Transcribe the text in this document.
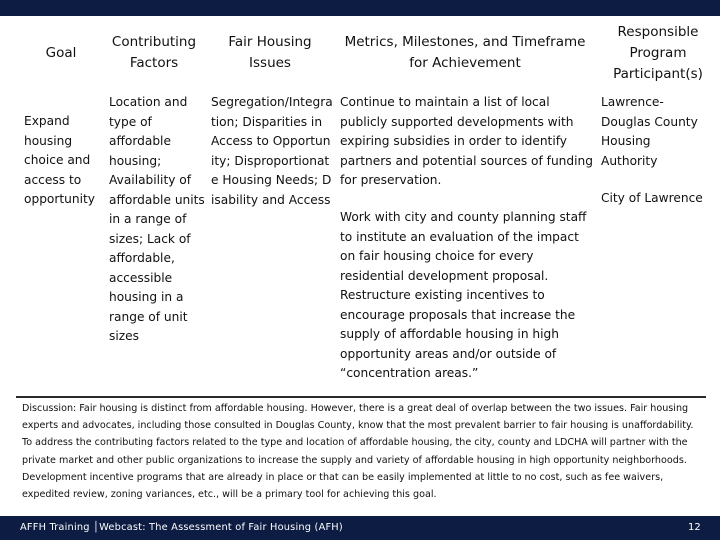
Goal
Contributing Factors
Fair Housing Issues
Metrics, Milestones, and Timeframe for Achievement
Responsible Program Participant(s)
Expand housing choice and access to opportunity
Location and type of affordable housing; Availability of affordable units in a range of sizes; Lack of affordable, accessible housing in a range of unit sizes
Segregation/Integration; Disparities in Access to Opportunity; Disproportionate Housing Needs; Disability and Access
Continue to maintain a list of local publicly supported developments with expiring subsidies in order to identify partners and potential sources of funding for preservation.
Work with city and county planning staff to institute an evaluation of the impact on fair housing choice for every residential development proposal. Restructure existing incentives to encourage proposals that increase the supply of affordable housing in high opportunity areas and/or outside of “concentration areas.”
Lawrence-Douglas County Housing Authority
City of Lawrence
Discussion: Fair housing is distinct from affordable housing. However, there is a great deal of overlap between the two issues. Fair housing experts and advocates, including those consulted in Douglas County, know that the most prevalent barrier to fair housing is unaffordability. To address the contributing factors related to the type and location of affordable housing, the city, county and LDCHA will partner with the private market and other public organizations to increase the supply and variety of affordable housing in high opportunity neighborhoods. Development incentive programs that are already in place or that can be easily implemented at little to no cost, such as fee waivers, expedited review, zoning variances, etc., will be a primary tool for achieving this goal.
AFFH Training │Webcast: The Assessment of Fair Housing (AFH)	12
